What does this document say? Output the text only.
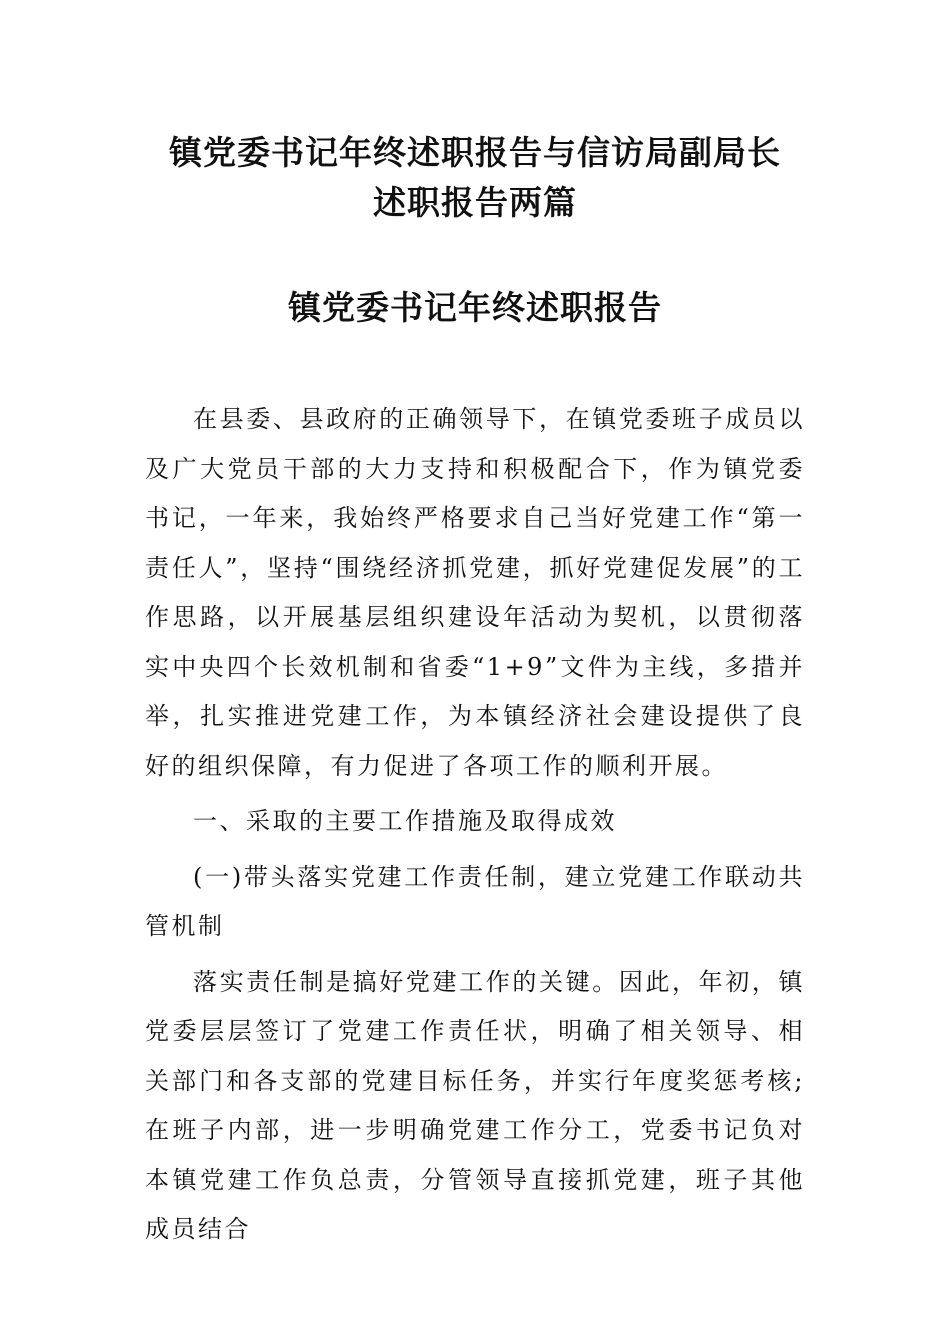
镇党委书记年终述职报告与信访局副局长
述职报告两篇
镇党委书记年终述职报告

在县委、县政府的正确领导下，在镇党委班子成员以及广大党员干部的大力支持和积极配合下，作为镇党委书记，一年来，我始终严格要求自己当好党建工作“第一责任人”，坚持“围绕经济抓党建，抓好党建促发展”的工作思路，以开展基层组织建设年活动为契机，以贯彻落实中央四个长效机制和省委“1+9”文件为主线，多措并举，扎实推进党建工作，为本镇经济社会建设提供了良好的组织保障，有力促进了各项工作的顺利开展。

一、采取的主要工作措施及取得成效

(一)带头落实党建工作责任制，建立党建工作联动共管机制

落实责任制是搞好党建工作的关键。因此，年初，镇党委层层签订了党建工作责任状，明确了相关领导、相关部门和各支部的党建目标任务，并实行年度奖惩考核;在班子内部，进一步明确党建工作分工，党委书记负对本镇党建工作负总责，分管领导直接抓党建，班子其他成员结合
